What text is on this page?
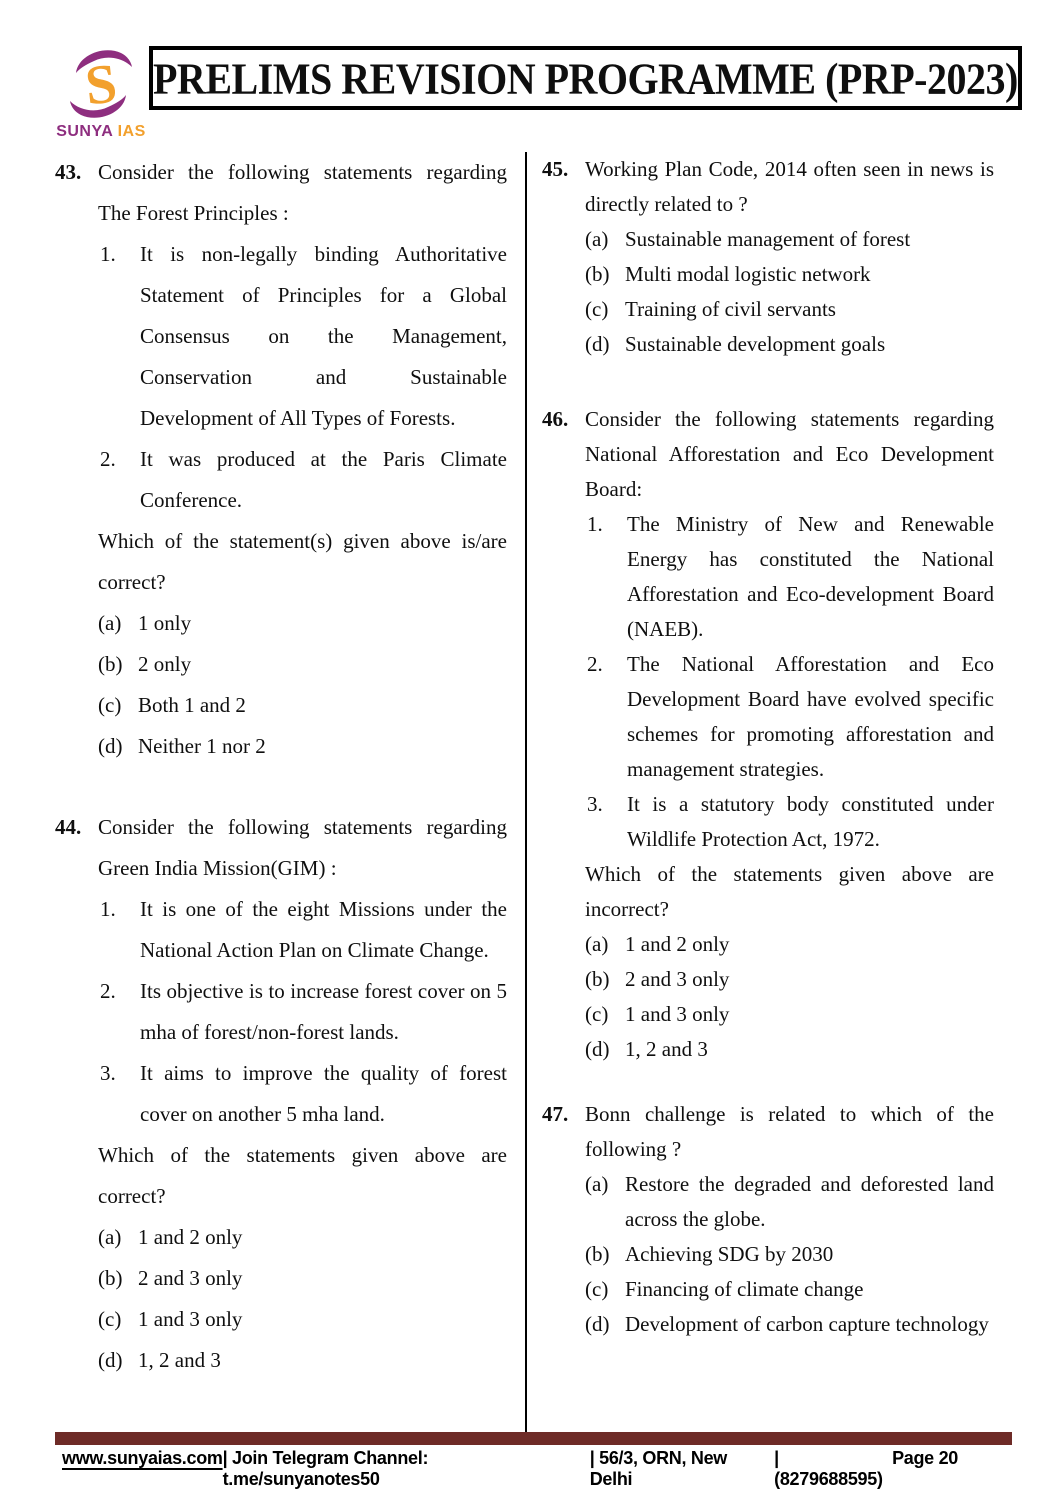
S
SUNYA IAS
PRELIMS REVISION PROGRAMME (PRP-2023)
43. Consider the following statements regarding The Forest Principles :
1.	It is non-legally binding Authoritative Statement of Principles for a Global Consensus on the Management, Conservation and Sustainable Development of All Types of Forests.
2.	It was produced at the Paris Climate Conference.
Which of the statement(s) given above is/are correct?
(a) 1 only
(b) 2 only
(c) Both 1 and 2
(d) Neither 1 nor 2
44. Consider the following statements regarding Green India Mission(GIM) :
1.	It is one of the eight Missions under the National Action Plan on Climate Change.
2.	Its objective is to increase forest cover on 5 mha of forest/non-forest lands.
3.	It aims to improve the quality of forest cover on another 5 mha land.
Which of the statements given above are correct?
(a) 1 and 2 only
(b) 2 and 3 only
(c) 1 and 3 only
(d) 1, 2 and 3
45. Working Plan Code, 2014 often seen in news is directly related to ?
(a) Sustainable management of forest
(b) Multi modal logistic network
(c) Training of civil servants
(d) Sustainable development goals
46. Consider the following statements regarding National Afforestation and Eco Development Board:
1.	The Ministry of New and Renewable Energy has constituted the National Afforestation and Eco-development Board (NAEB).
2.	The National Afforestation and Eco Development Board have evolved specific schemes for promoting afforestation and management strategies.
3.	It is a statutory body constituted under Wildlife Protection Act, 1972.
Which of the statements given above are incorrect?
(a) 1 and 2 only
(b) 2 and 3 only
(c) 1 and 3 only
(d) 1, 2 and 3
47. Bonn challenge is related to which of the following ?
(a) Restore the degraded and deforested land across the globe.
(b) Achieving SDG by 2030
(c) Financing of climate change
(d) Development of carbon capture technology
www.sunyaias.com | Join Telegram Channel: t.me/sunyanotes50
| 56/3, ORN, New Delhi
| (8279688595)
Page 20
